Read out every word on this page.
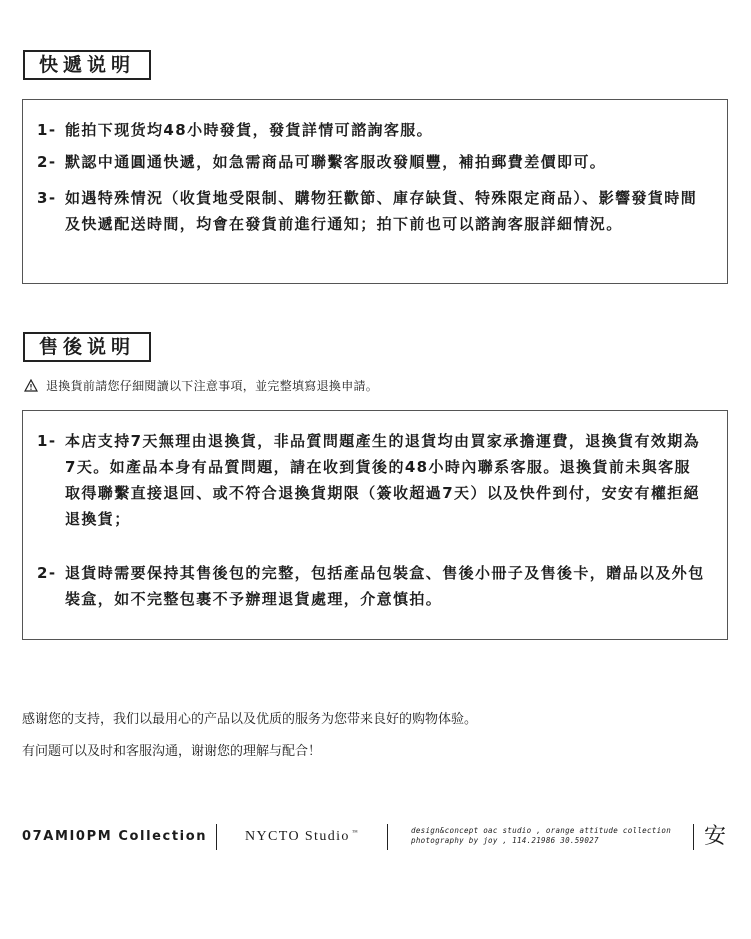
快遞说明
1- 能拍下现货均48小時發貨，發貨詳情可諮詢客服。
2- 默認中通圓通快遞，如急需商品可聯繫客服改發順豐，補拍郵費差價即可。
3- 如遇特殊情況（收貨地受限制、購物狂歡節、庫存缺貨、特殊限定商品）、影響發貨時間及快遞配送時間，均會在發貨前進行通知；拍下前也可以諮詢客服詳細情況。
售後说明
退換貨前請您仔細閱讀以下注意事項，並完整填寫退換申請。
1- 本店支持7天無理由退換貨，非品質問題產生的退貨均由買家承擔運費，退換貨有效期為7天。如產品本身有品質問題，請在收到貨後的48小時內聯系客服。退換貨前未與客服取得聯繫直接退回、或不符合退換貨期限（簽收超過7天）以及快件到付，安安有權拒絕退換貨；
2- 退貨時需要保持其售後包的完整，包括產品包裝盒、售後小冊子及售後卡，贈品以及外包裝盒，如不完整包裹不予辦理退貨處理，介意慎拍。
感谢您的支持，我们以最用心的产品以及优质的服务为您带来良好的购物体验。
有问题可以及时和客服沟通，谢谢您的理解与配合！
07AMI0PM Collection	NYCTO Studio ™	design&concept oac studio , orange attitude collection
photography by joy , 114.21986 30.59027	安
